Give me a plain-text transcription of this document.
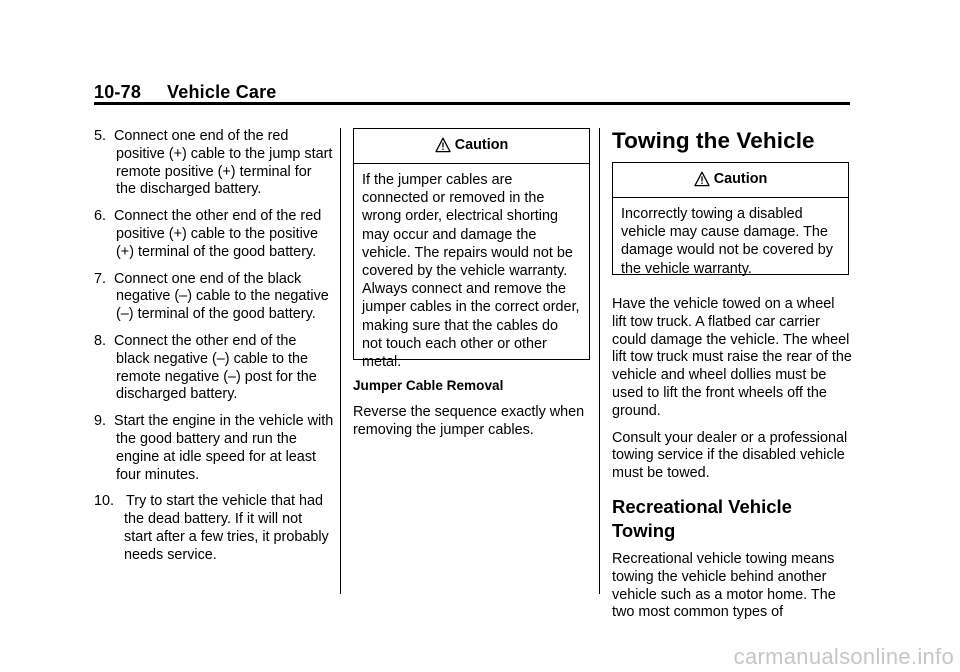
10-78 Vehicle Care
5. Connect one end of the red positive (+) cable to the jump start remote positive (+) terminal for the discharged battery.
6. Connect the other end of the red positive (+) cable to the positive (+) terminal of the good battery.
7. Connect one end of the black negative (–) cable to the negative (–) terminal of the good battery.
8. Connect the other end of the black negative (–) cable to the remote negative (–) post for the discharged battery.
9. Start the engine in the vehicle with the good battery and run the engine at idle speed for at least four minutes.
10. Try to start the vehicle that had the dead battery. If it will not start after a few tries, it probably needs service.
Caution
If the jumper cables are connected or removed in the wrong order, electrical shorting may occur and damage the vehicle. The repairs would not be covered by the vehicle warranty. Always connect and remove the jumper cables in the correct order, making sure that the cables do not touch each other or other metal.
Jumper Cable Removal

Reverse the sequence exactly when removing the jumper cables.

Towing the Vehicle
Caution
Incorrectly towing a disabled vehicle may cause damage. The damage would not be covered by the vehicle warranty.

Have the vehicle towed on a wheel lift tow truck. A flatbed car carrier could damage the vehicle. The wheel lift tow truck must raise the rear of the vehicle and wheel dollies must be used to lift the front wheels off the ground.

Consult your dealer or a professional towing service if the disabled vehicle must be towed.

Recreational Vehicle Towing

Recreational vehicle towing means towing the vehicle behind another vehicle such as a motor home. The two most common types of

carmanualsonline.info
